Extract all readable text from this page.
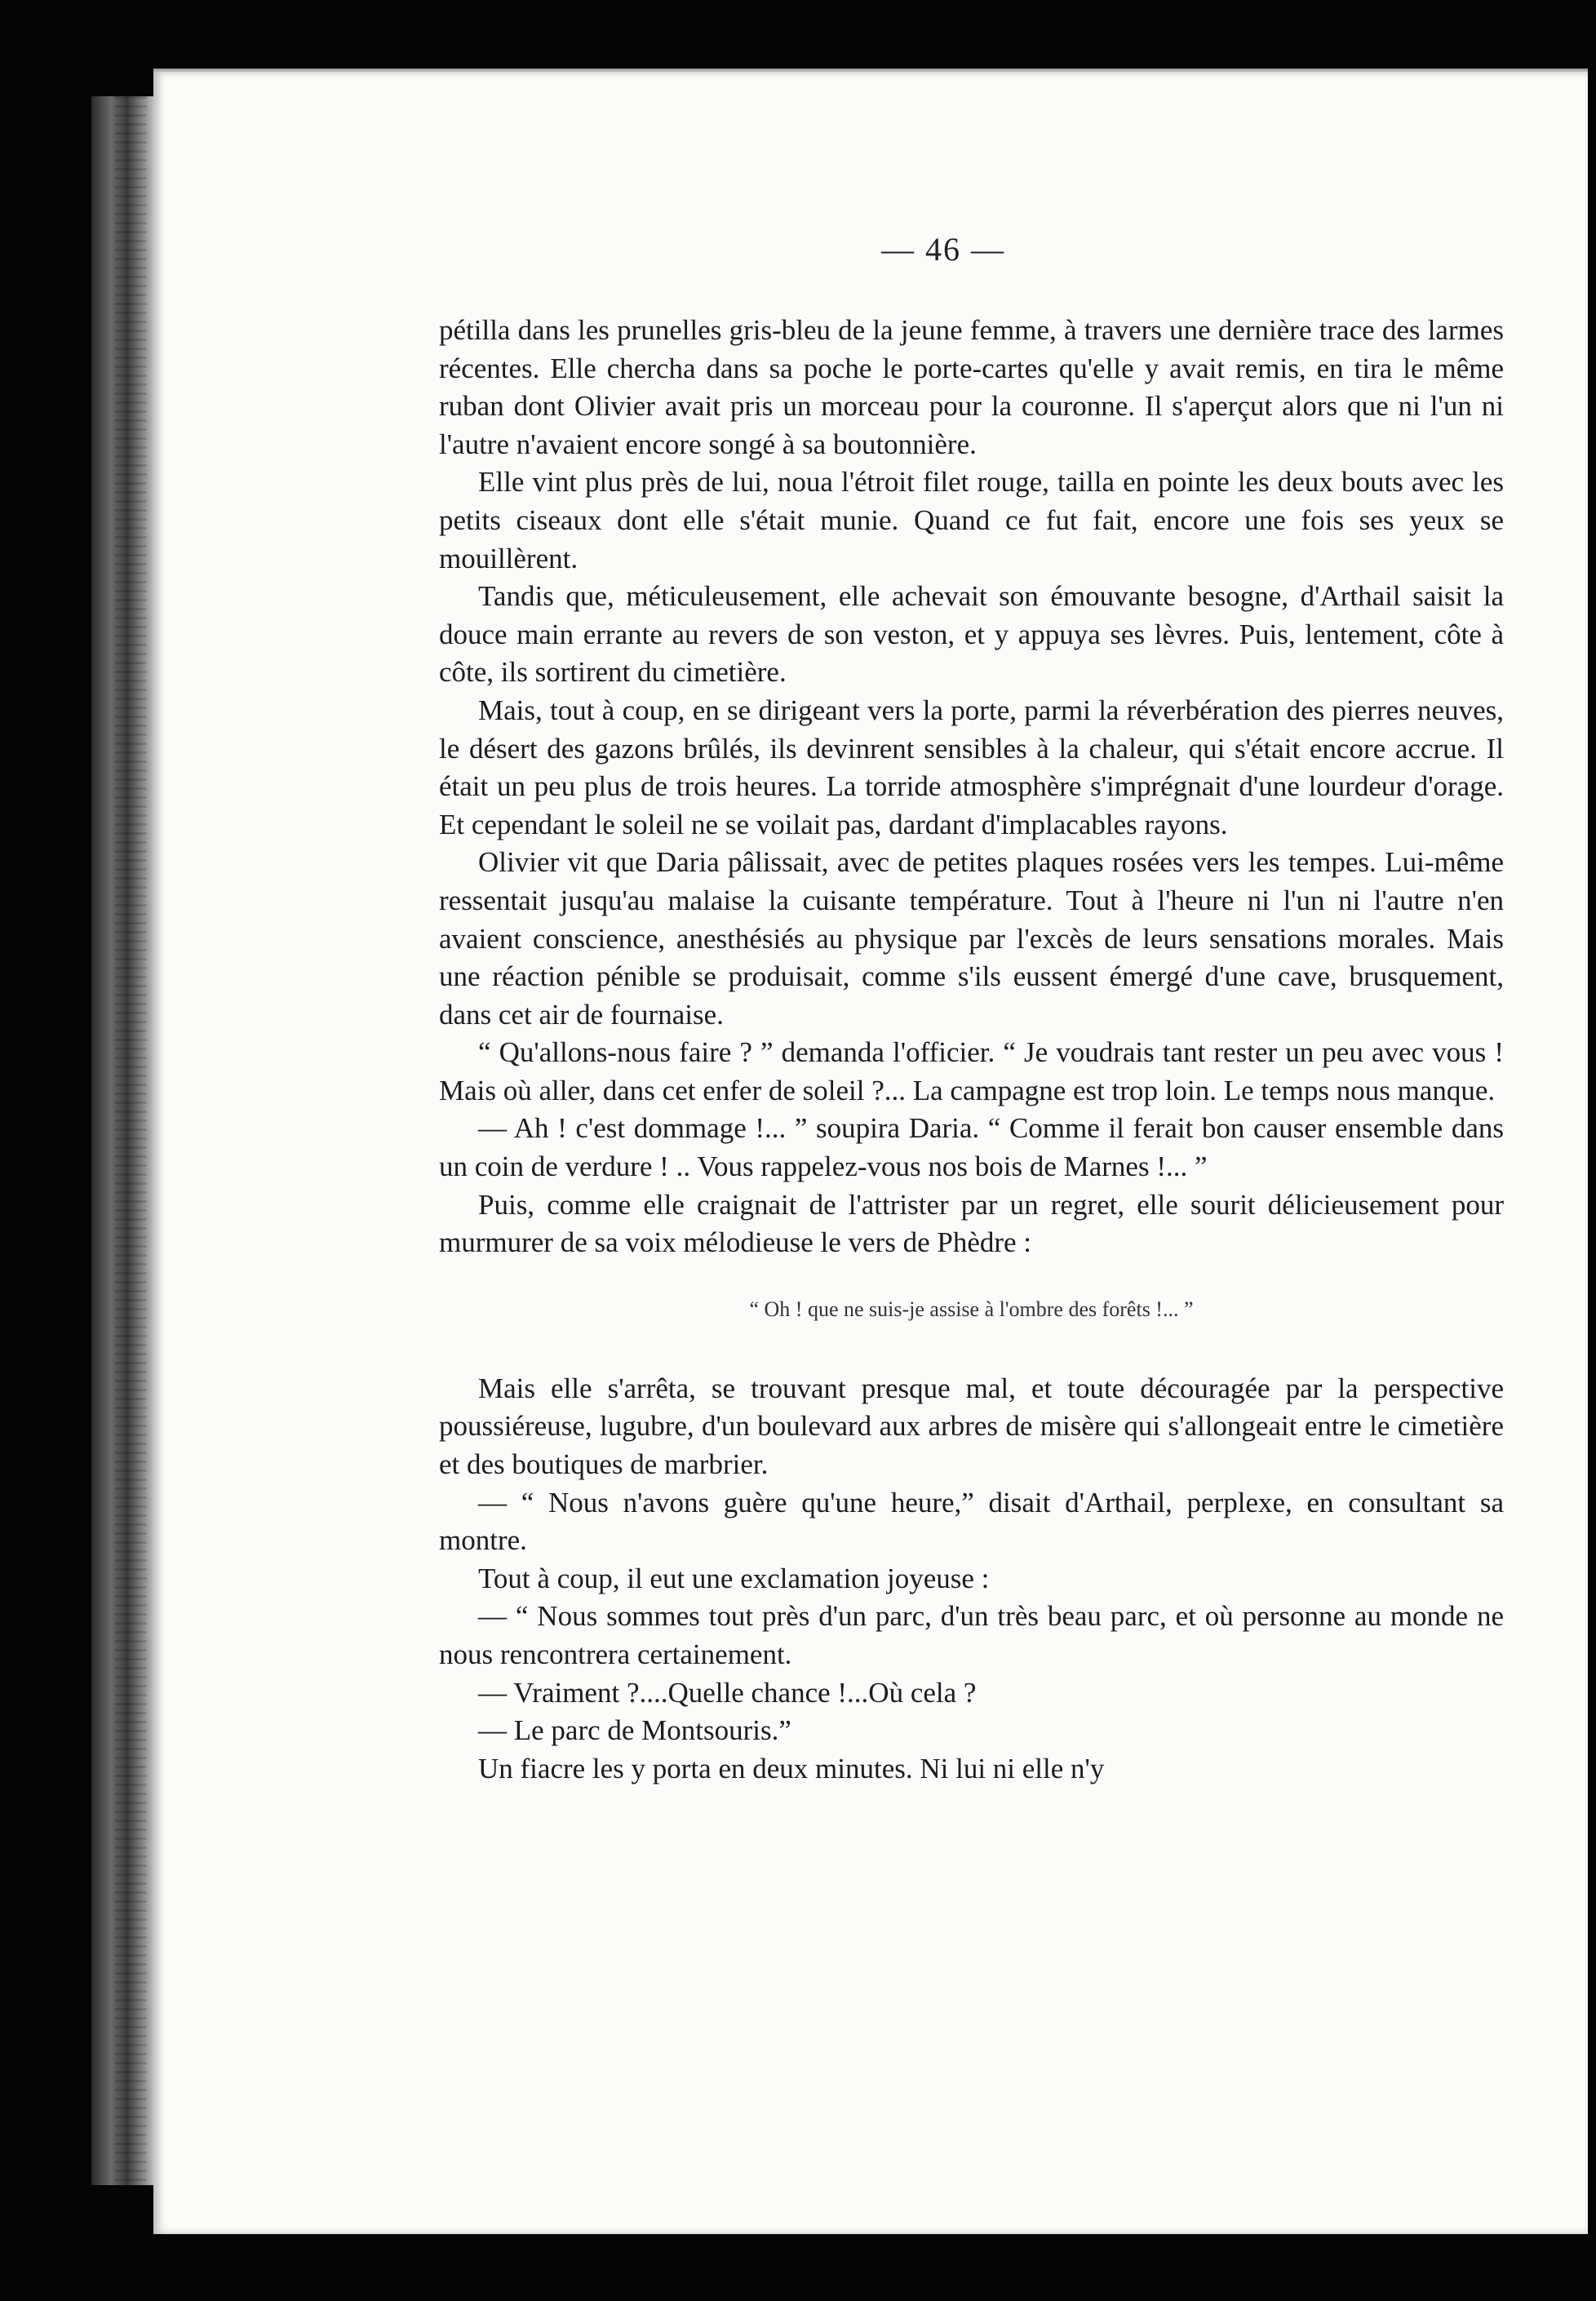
— 46 —

pétilla dans les prunelles gris-bleu de la jeune femme, à travers une dernière trace des larmes récentes. Elle chercha dans sa poche le porte-cartes qu'elle y avait remis, en tira le même ruban dont Olivier avait pris un morceau pour la couronne. Il s'aperçut alors que ni l'un ni l'autre n'avaient encore songé à sa boutonnière.

Elle vint plus près de lui, noua l'étroit filet rouge, tailla en pointe les deux bouts avec les petits ciseaux dont elle s'était munie. Quand ce fut fait, encore une fois ses yeux se mouillèrent.

Tandis que, méticuleusement, elle achevait son émouvante besogne, d'Arthail saisit la douce main errante au revers de son veston, et y appuya ses lèvres. Puis, lentement, côte à côte, ils sortirent du cimetière.

Mais, tout à coup, en se dirigeant vers la porte, parmi la réverbération des pierres neuves, le désert des gazons brûlés, ils devinrent sensibles à la chaleur, qui s'était encore accrue. Il était un peu plus de trois heures. La torride atmosphère s'imprégnait d'une lourdeur d'orage. Et cependant le soleil ne se voilait pas, dardant d'implacables rayons.

Olivier vit que Daria pâlissait, avec de petites plaques rosées vers les tempes. Lui-même ressentait jusqu'au malaise la cuisante température. Tout à l'heure ni l'un ni l'autre n'en avaient conscience, anesthésiés au physique par l'excès de leurs sensations morales. Mais une réaction pénible se produisait, comme s'ils eussent émergé d'une cave, brusquement, dans cet air de fournaise.

“ Qu'allons-nous faire ? ” demanda l'officier. “ Je voudrais tant rester un peu avec vous ! Mais où aller, dans cet enfer de soleil ?... La campagne est trop loin. Le temps nous manque.

— Ah ! c'est dommage !... ” soupira Daria. “ Comme il ferait bon causer ensemble dans un coin de verdure ! .. Vous rappelez-vous nos bois de Marnes !... ”

Puis, comme elle craignait de l'attrister par un regret, elle sourit délicieusement pour murmurer de sa voix mélodieuse le vers de Phèdre :

“ Oh ! que ne suis-je assise à l'ombre des forêts !... ”

Mais elle s'arrêta, se trouvant presque mal, et toute découragée par la perspective poussiéreuse, lugubre, d'un boulevard aux arbres de misère qui s'allongeait entre le cimetière et des boutiques de marbrier.

— “ Nous n'avons guère qu'une heure,” disait d'Arthail, perplexe, en consultant sa montre.

Tout à coup, il eut une exclamation joyeuse :

— “ Nous sommes tout près d'un parc, d'un très beau parc, et où personne au monde ne nous rencontrera certainement.

— Vraiment ?....Quelle chance !...Où cela ?

— Le parc de Montsouris.”

Un fiacre les y porta en deux minutes. Ni lui ni elle n'y
